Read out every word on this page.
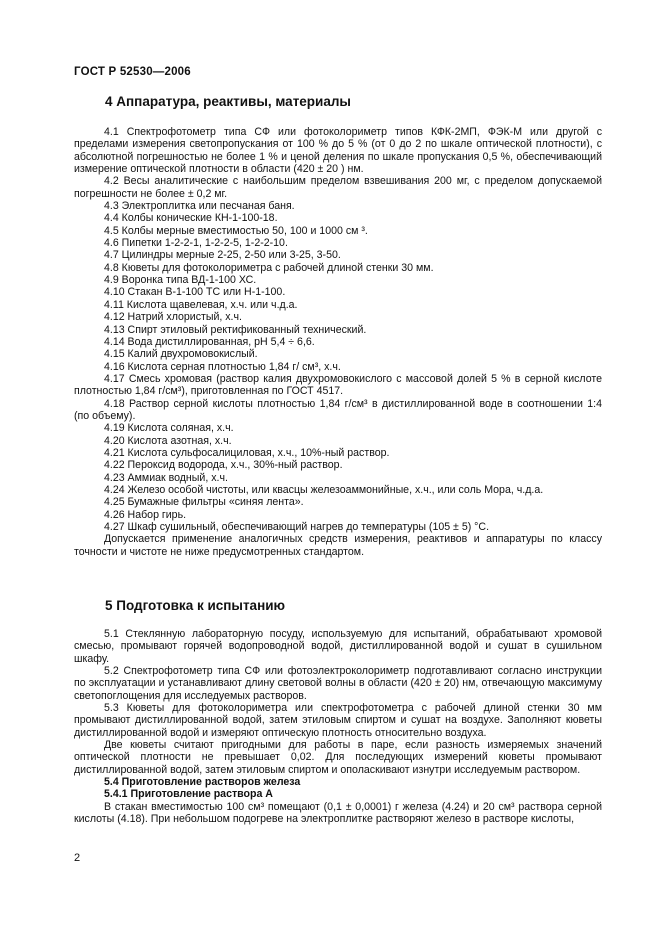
ГОСТ Р 52530—2006
4 Аппаратура, реактивы, материалы

4.1 Спектрофотометр типа СФ или фотоколориметр типов КФК-2МП, ФЭК-М или другой с пределами измерения светопропускания от 100 % до 5 % (от 0 до 2 по шкале оптической плотности), с абсолютной погрешностью не более 1 % и ценой деления по шкале пропускания 0,5 %, обеспечивающий измерение оптической плотности в области (420 ± 20 ) нм.

4.2 Весы аналитические с наибольшим пределом взвешивания 200 мг, с пределом допускаемой погрешности не более ± 0,2 мг.

4.3 Электроплитка или песчаная баня.

4.4 Колбы конические КН-1-100-18.

4.5 Колбы мерные вместимостью 50, 100 и 1000 см ³.

4.6 Пипетки 1-2-2-1, 1-2-2-5, 1-2-2-10.

4.7 Цилиндры мерные 2-25, 2-50 или 3-25, 3-50.

4.8 Кюветы для фотоколориметра с рабочей длиной стенки 30 мм.

4.9 Воронка типа ВД-1-100 ХС.

4.10 Стакан В-1-100 ТС или Н-1-100.

4.11 Кислота щавелевая, х.ч. или ч.д.а.

4.12 Натрий хлористый, х.ч.

4.13 Спирт этиловый ректификованный технический.

4.14 Вода дистиллированная, pH 5,4 ÷ 6,6.

4.15 Калий двухромовокислый.

4.16 Кислота серная плотностью 1,84 г/ см³, х.ч.

4.17 Смесь хромовая (раствор калия двухромовокислого с массовой долей 5 % в серной кислоте плотностью 1,84 г/см³), приготовленная по ГОСТ 4517.

4.18 Раствор серной кислоты плотностью 1,84 г/см³ в дистиллированной воде в соотношении 1:4 (по объему).

4.19 Кислота соляная, х.ч.

4.20 Кислота азотная, х.ч.

4.21 Кислота сульфосалициловая, х.ч., 10%-ный раствор.

4.22 Пероксид водорода, х.ч., 30%-ный раствор.

4.23 Аммиак водный, х.ч.

4.24 Железо особой чистоты, или квасцы железоаммонийные, х.ч., или соль Мора, ч.д.а.

4.25 Бумажные фильтры «синяя лента».

4.26 Набор гирь.

4.27 Шкаф сушильный, обеспечивающий нагрев до температуры (105 ± 5) °С.

Допускается применение аналогичных средств измерения, реактивов и аппаратуры по классу точности и чистоте не ниже предусмотренных стандартом.

5 Подготовка к испытанию

5.1 Стеклянную лабораторную посуду, используемую для испытаний, обрабатывают хромовой смесью, промывают горячей водопроводной водой, дистиллированной водой и сушат в сушильном шкафу.

5.2 Спектрофотометр типа СФ или фотоэлектроколориметр подготавливают согласно инструкции по эксплуатации и устанавливают длину световой волны в области (420 ± 20) нм, отвечающую максимуму светопоглощения для исследуемых растворов.

5.3 Кюветы для фотоколориметра или спектрофотометра с рабочей длиной стенки 30 мм промывают дистиллированной водой, затем этиловым спиртом и сушат на воздухе. Заполняют кюветы дистиллированной водой и измеряют оптическую плотность относительно воздуха.

Две кюветы считают пригодными для работы в паре, если разность измеряемых значений оптической плотности не превышает 0,02. Для последующих измерений кюветы промывают дистиллированной водой, затем этиловым спиртом и ополаскивают изнутри исследуемым раствором.

5.4 Приготовление растворов железа

5.4.1 Приготовление раствора А

В стакан вместимостью 100 см³ помещают (0,1 ± 0,0001) г железа (4.24) и 20 см³ раствора серной кислоты (4.18). При небольшом подогреве на электроплитке растворяют железо в растворе кислоты,

2
